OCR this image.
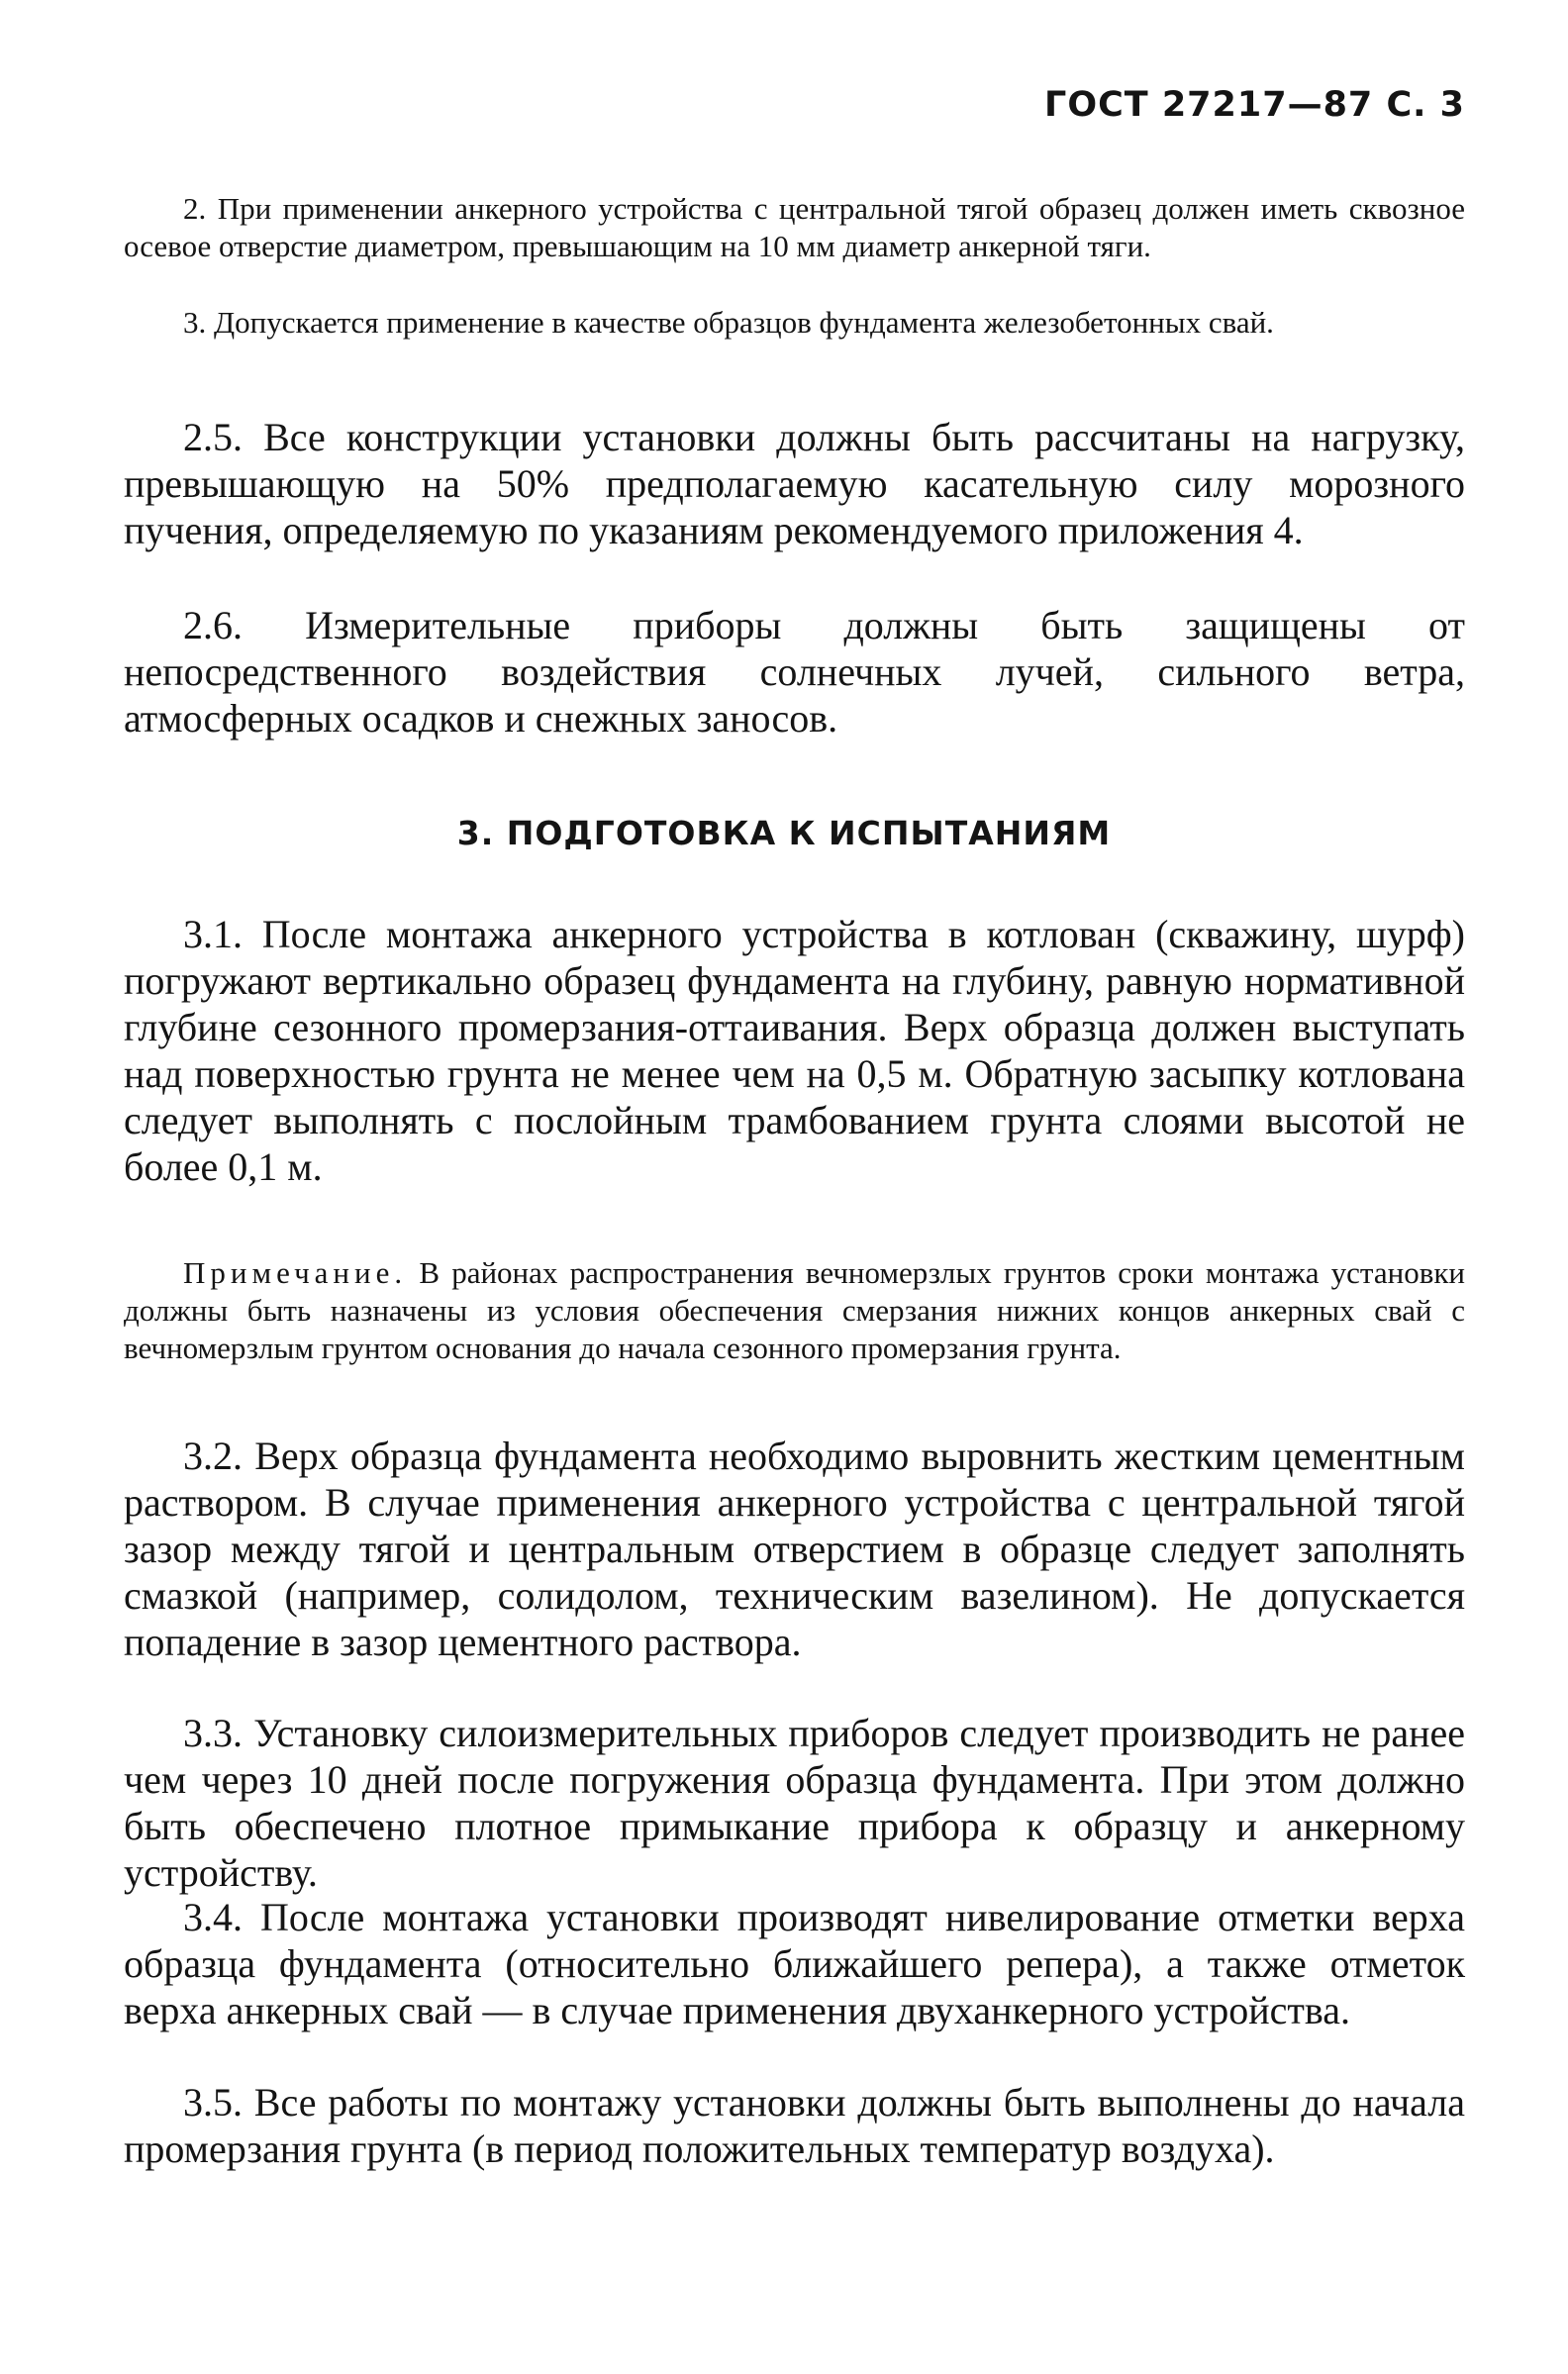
ГОСТ 27217—87 С. 3

2. При применении анкерного устройства с центральной тягой образец должен иметь сквозное осевое отверстие диаметром, превышающим на 10 мм диаметр анкерной тяги.

3. Допускается применение в качестве образцов фундамента железобетонных свай.

2.5. Все конструкции установки должны быть рассчитаны на нагрузку, превышающую на 50% предполагаемую касательную силу морозного пучения, определяемую по указаниям рекомендуемого приложения 4.

2.6. Измерительные приборы должны быть защищены от непосредственного воздействия солнечных лучей, сильного ветра, атмосферных осадков и снежных заносов.

3. ПОДГОТОВКА К ИСПЫТАНИЯМ

3.1. После монтажа анкерного устройства в котлован (скважину, шурф) погружают вертикально образец фундамента на глубину, равную нормативной глубине сезонного промерзания-оттаивания. Верх образца должен выступать над поверхностью грунта не менее чем на 0,5 м. Обратную засыпку котлована следует выполнять с послойным трамбованием грунта слоями высотой не более 0,1 м.

Примечание. В районах распространения вечномерзлых грунтов сроки монтажа установки должны быть назначены из условия обеспечения смерзания нижних концов анкерных свай с вечномерзлым грунтом основания до начала сезонного промерзания грунта.

3.2. Верх образца фундамента необходимо выровнить жестким цементным раствором. В случае применения анкерного устройства с центральной тягой зазор между тягой и центральным отверстием в образце следует заполнять смазкой (например, солидолом, техническим вазелином). Не допускается попадение в зазор цементного раствора.

3.3. Установку силоизмерительных приборов следует производить не ранее чем через 10 дней после погружения образца фундамента. При этом должно быть обеспечено плотное примыкание прибора к образцу и анкерному устройству.

3.4. После монтажа установки производят нивелирование отметки верха образца фундамента (относительно ближайшего репера), а также отметок верха анкерных свай — в случае применения двуханкерного устройства.

3.5. Все работы по монтажу установки должны быть выполнены до начала промерзания грунта (в период положительных температур воздуха).
